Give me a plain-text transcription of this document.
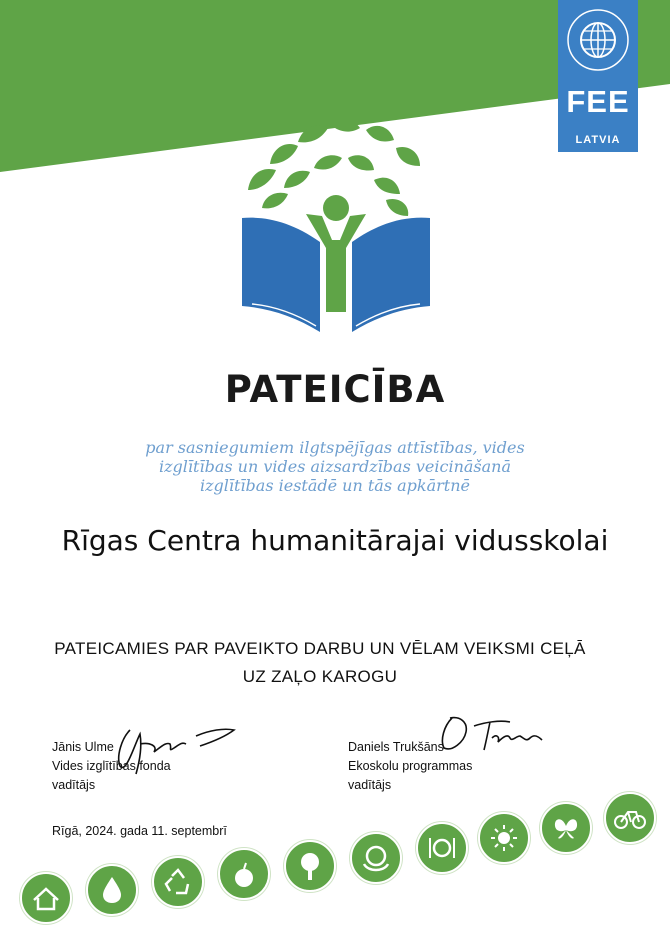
FEE
LATVIA
PATEICĪBA
par sasniegumiem ilgtspējīgas attīstības, vides
izglītības un vides aizsardzības veicināšanā
izglītības iestādē un tās apkārtnē
Rīgas Centra humanitārajai vidusskolai
PATEICAMIES PAR PAVEIKTO DARBU UN VĒLAM VEIKSMI CEĻĀ
UZ ZAĻO KAROGU
Jānis Ulme
Vides izglītības fonda
vadītājs
Daniels Trukšāns
Ekoskolu programmas
vadītājs
Rīgā, 2024. gada 11. septembrī
